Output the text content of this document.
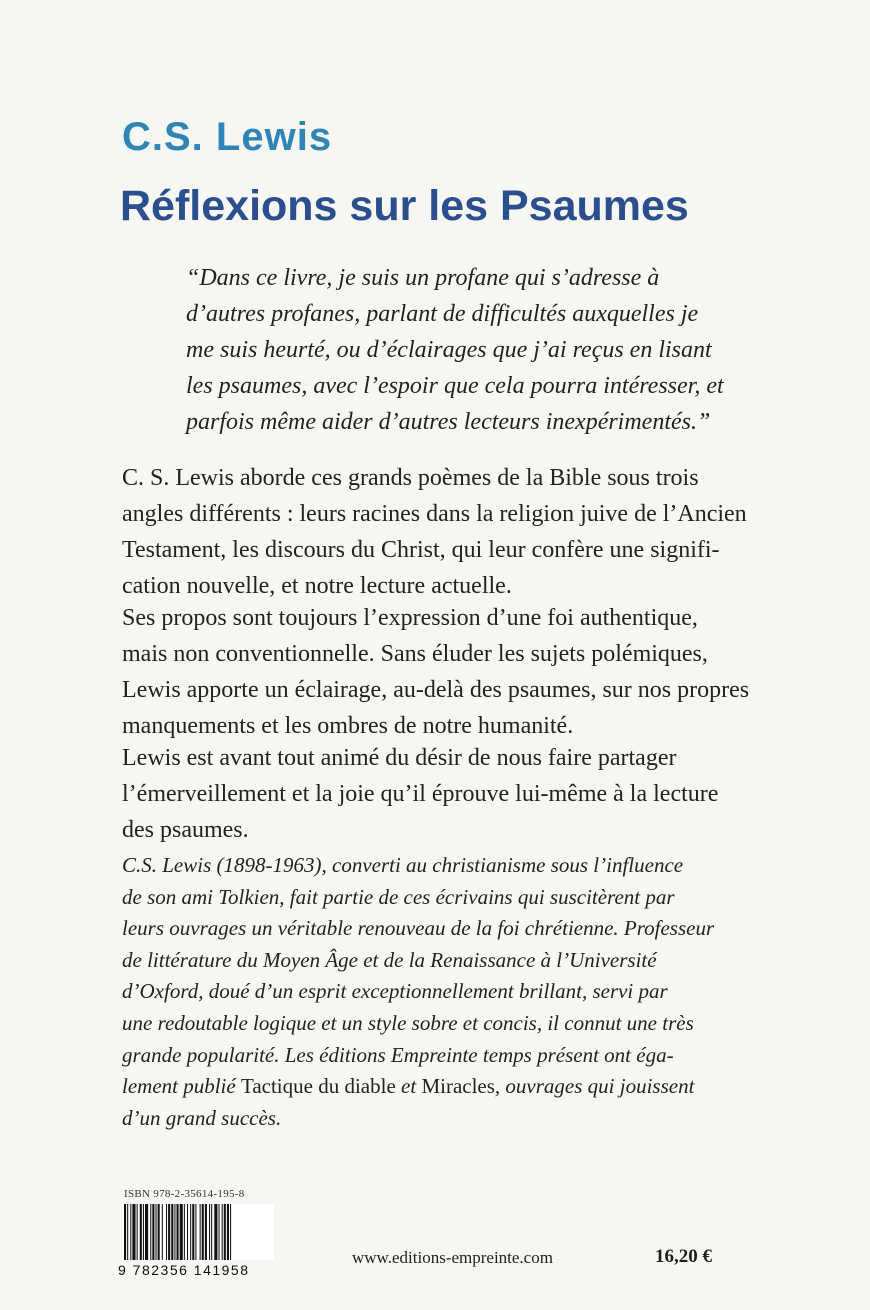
C.S. Lewis
Réflexions sur les Psaumes

“Dans ce livre, je suis un profane qui s’adresse à
d’autres profanes, parlant de difficultés auxquelles je
me suis heurté, ou d’éclairages que j’ai reçus en lisant
les psaumes, avec l’espoir que cela pourra intéresser, et
parfois même aider d’autres lecteurs inexpérimentés.”

C. S. Lewis aborde ces grands poèmes de la Bible sous trois
angles différents : leurs racines dans la religion juive de l’Ancien
Testament, les discours du Christ, qui leur confère une signifi-
cation nouvelle, et notre lecture actuelle.

Ses propos sont toujours l’expression d’une foi authentique,
mais non conventionnelle. Sans éluder les sujets polémiques,
Lewis apporte un éclairage, au-delà des psaumes, sur nos propres
manquements et les ombres de notre humanité.

Lewis est avant tout animé du désir de nous faire partager
l’émerveillement et la joie qu’il éprouve lui-même à la lecture
des psaumes.

C.S. Lewis (1898-1963), converti au christianisme sous l’influence
de son ami Tolkien, fait partie de ces écrivains qui suscitèrent par
leurs ouvrages un véritable renouveau de la foi chrétienne. Professeur
de littérature du Moyen Âge et de la Renaissance à l’Université
d’Oxford, doué d’un esprit exceptionnellement brillant, servi par
une redoutable logique et un style sobre et concis, il connut une très
grande popularité. Les éditions Empreinte temps présent ont éga-
lement publié Tactique du diable et Miracles, ouvrages qui jouissent
d’un grand succès.

ISBN 978-2-35614-195-8
9 782356 141958
www.editions-empreinte.com	16,20 €
